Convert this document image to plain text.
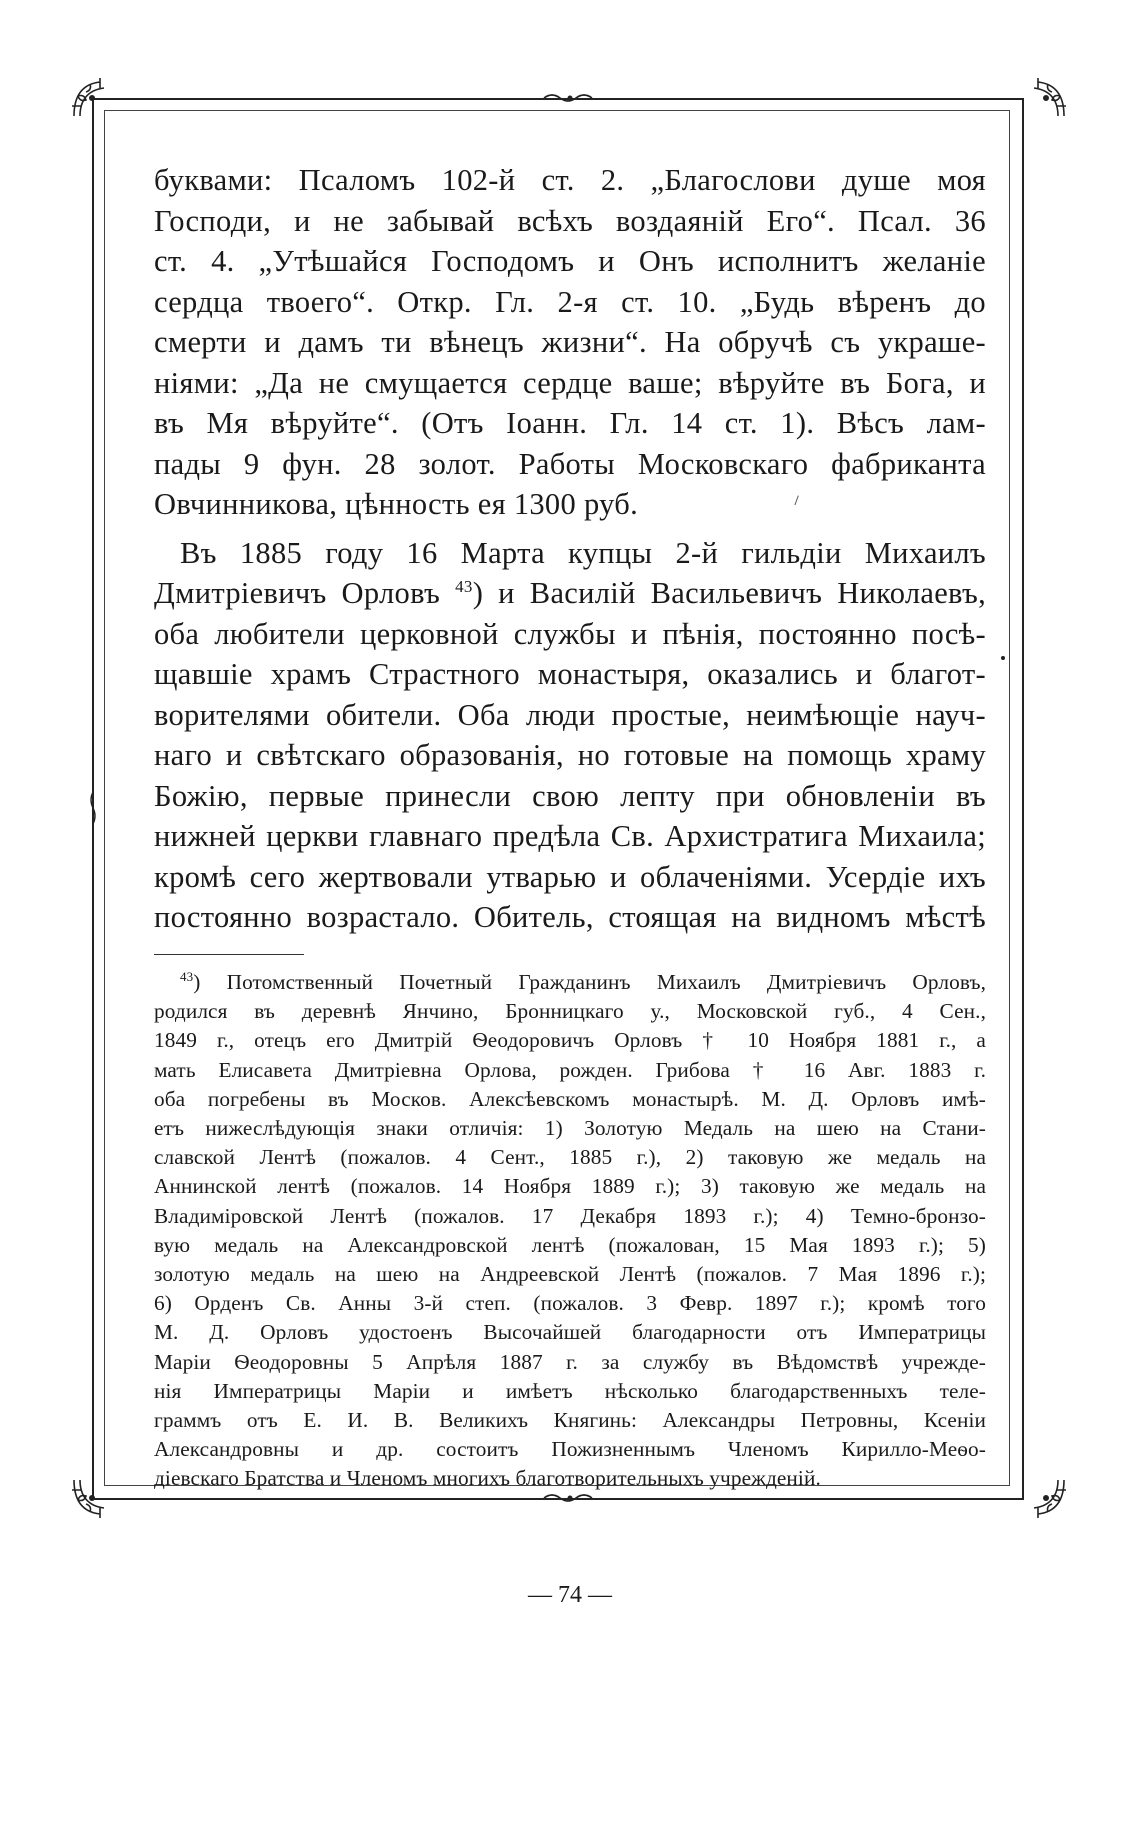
буквами: Псаломъ 102-й ст. 2. „Благослови душе моя
Господи, и не забывай всѣхъ воздаяній Его“. Псал. 36
ст. 4. „Утѣшайся Господомъ и Онъ исполнитъ желаніе
сердца твоего“. Откр. Гл. 2-я ст. 10. „Будь вѣренъ до
смерти и дамъ ти вѣнецъ жизни“. На обручѣ съ украше-
ніями: „Да не смущается сердце ваше; вѣруйте въ Бога, и
въ Мя вѣруйте“. (Отъ Іоанн. Гл. 14 ст. 1). Вѣсъ лам-
пады 9 фун. 28 золот. Работы Московскаго фабриканта
Овчинникова, цѣнность ея 1300 руб.

Въ 1885 году 16 Марта купцы 2-й гильдіи Михаилъ
Дмитріевичъ Орловъ $^{43}$) и Василій Васильевичъ Николаевъ,
оба любители церковной службы и пѣнія, постоянно посѣ-
щавшіе храмъ Страстного монастыря, оказались и благот-
ворителями обители. Оба люди простые, неимѣющіе науч-
наго и свѣтскаго образованія, но готовые на помощь храму
Божію, первые принесли свою лепту при обновленіи въ
нижней церкви главнаго предѣла Св. Архистратига Михаила;
кромѣ сего жертвовали утварью и облаченіями. Усердіе ихъ
постоянно возрастало. Обитель, стоящая на видномъ мѣстѣ

$^{43}$) Потомственный Почетный Гражданинъ Михаилъ Дмитріевичъ Орловъ,
родился въ деревнѣ Янчино, Бронницкаго у., Московской губ., 4 Сен.,
1849 г., отецъ его Дмитрій Ѳеодоровичъ Орловъ † 10 Ноября 1881 г., а
мать Елисавета Дмитріевна Орлова, рожден. Грибова † 16 Авг. 1883 г.
оба погребены въ Москов. Алексѣевскомъ монастырѣ. М. Д. Орловъ имѣ-
етъ нижеслѣдующія знаки отличія: 1) Золотую Медаль на шею на Стани-
славской Лентѣ (пожалов. 4 Сент., 1885 г.), 2) таковую же медаль на
Аннинской лентѣ (пожалов. 14 Ноября 1889 г.); 3) таковую же медаль на
Владиміровской Лентѣ (пожалов. 17 Декабря 1893 г.); 4) Темно-бронзо-
вую медаль на Александровской лентѣ (пожалован, 15 Мая 1893 г.); 5)
золотую медаль на шею на Андреевской Лентѣ (пожалов. 7 Мая 1896 г.);
6) Орденъ Св. Анны 3-й степ. (пожалов. 3 Февр. 1897 г.); кромѣ того
М. Д. Орловъ удостоенъ Высочайшей благодарности отъ Императрицы
Маріи Ѳеодоровны 5 Апрѣля 1887 г. за службу въ Вѣдомствѣ учрежде-
нія Императрицы Маріи и имѣетъ нѣсколько благодарственныхъ теле-
граммъ отъ Е. И. В. Великихъ Княгинь: Александры Петровны, Ксеніи
Александровны и др. состоитъ Пожизненнымъ Членомъ Кирилло-Меѳо-
діевскаго Братства и Членомъ многихъ благотворительныхъ учрежденій.
— 74 —
